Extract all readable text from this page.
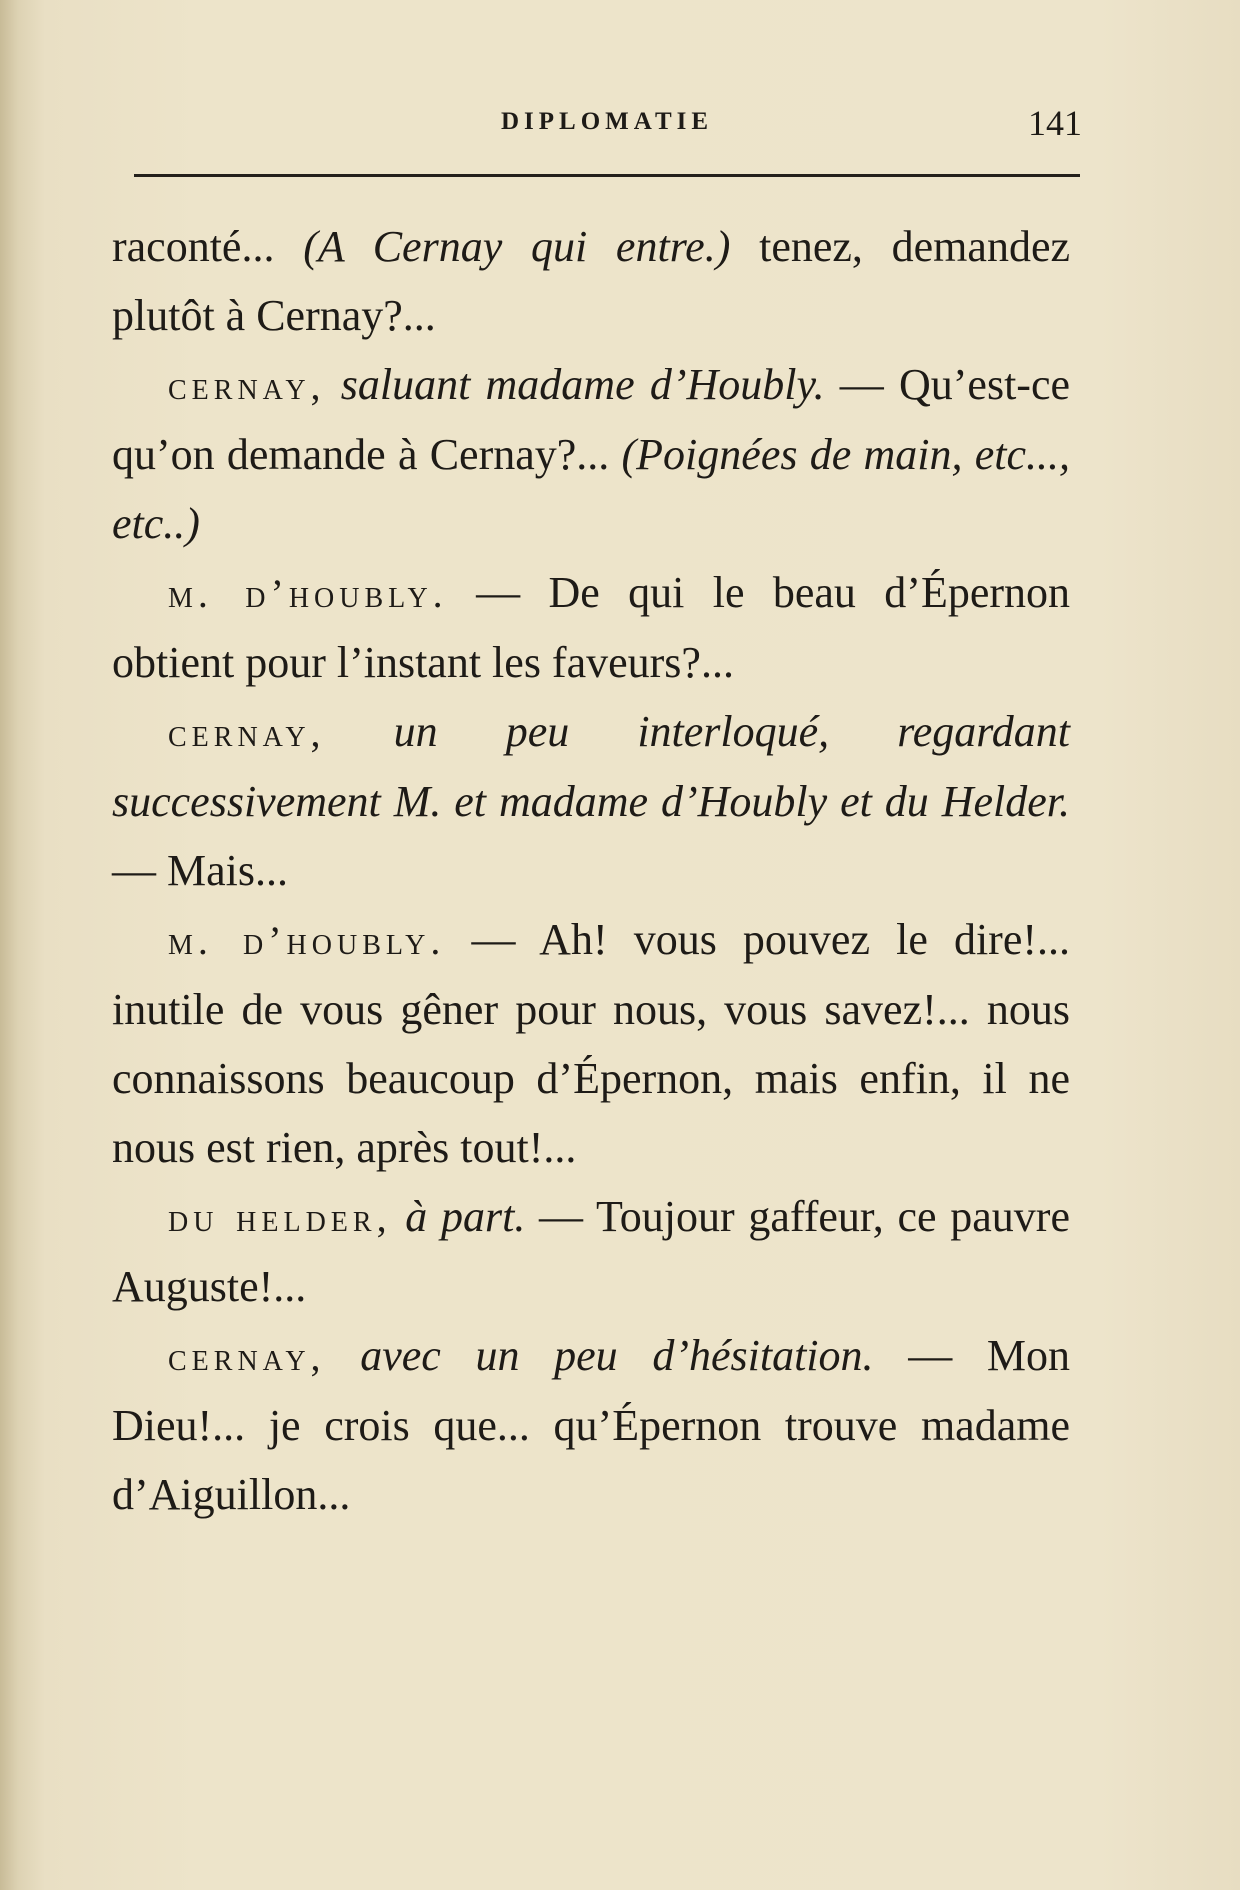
DIPLOMATIE	141

raconté... (A Cernay qui entre.) tenez, demandez plutôt à Cernay?...

cernay, saluant madame d’Houbly. — Qu’est-ce qu’on demande à Cernay?... (Poignées de main, etc..., etc..)

m. d’houbly. — De qui le beau d’Épernon obtient pour l’instant les faveurs?...

cernay, un peu interloqué, regardant successivement M. et madame d’Houbly et du Helder. — Mais...

m. d’houbly. — Ah! vous pouvez le dire!... inutile de vous gêner pour nous, vous savez!... nous connaissons beaucoup d’Épernon, mais enfin, il ne nous est rien, après tout!...

du helder, à part. — Toujour gaffeur, ce pauvre Auguste!...

cernay, avec un peu d’hésitation. — Mon Dieu!... je crois que... qu’Épernon trouve madame d’Aiguillon...
